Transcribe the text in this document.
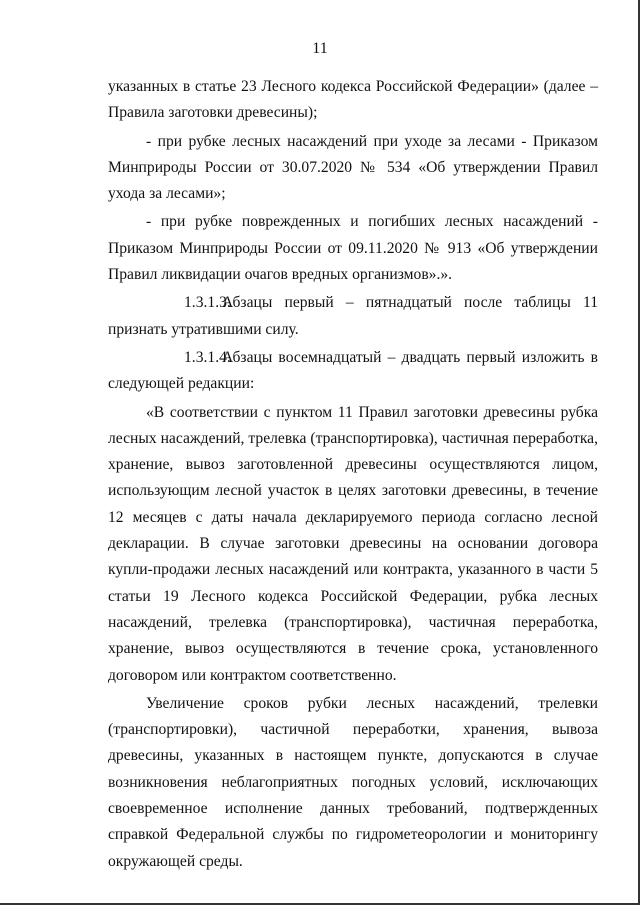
11

указанных в статье 23 Лесного кодекса Российской Федерации» (далее – Правила заготовки древесины);

- при рубке лесных насаждений при уходе за лесами - Приказом Минприроды России от 30.07.2020 № 534 «Об утверждении Правил ухода за лесами»;

- при рубке поврежденных и погибших лесных насаждений - Приказом Минприроды России от 09.11.2020 № 913 «Об утверждении Правил ликвидации очагов вредных организмов».».

1.3.1.3.Абзацы первый – пятнадцатый после таблицы 11 признать утратившими силу.

1.3.1.4.Абзацы восемнадцатый – двадцать первый изложить в следующей редакции:

«В соответствии с пунктом 11 Правил заготовки древесины рубка лесных насаждений, трелевка (транспортировка), частичная переработка, хранение, вывоз заготовленной древесины осуществляются лицом, использующим лесной участок в целях заготовки древесины, в течение 12 месяцев с даты начала декларируемого периода согласно лесной декларации. В случае заготовки древесины на основании договора купли-продажи лесных насаждений или контракта, указанного в части 5 статьи 19 Лесного кодекса Российской Федерации, рубка лесных насаждений, трелевка (транспортировка), частичная переработка, хранение, вывоз осуществляются в течение срока, установленного договором или контрактом соответственно.

Увеличение сроков рубки лесных насаждений, трелевки (транспортировки), частичной переработки, хранения, вывоза древесины, указанных в настоящем пункте, допускаются в случае возникновения неблагоприятных погодных условий, исключающих своевременное исполнение данных требований, подтвержденных справкой Федеральной службы по гидрометеорологии и мониторингу окружающей среды.
